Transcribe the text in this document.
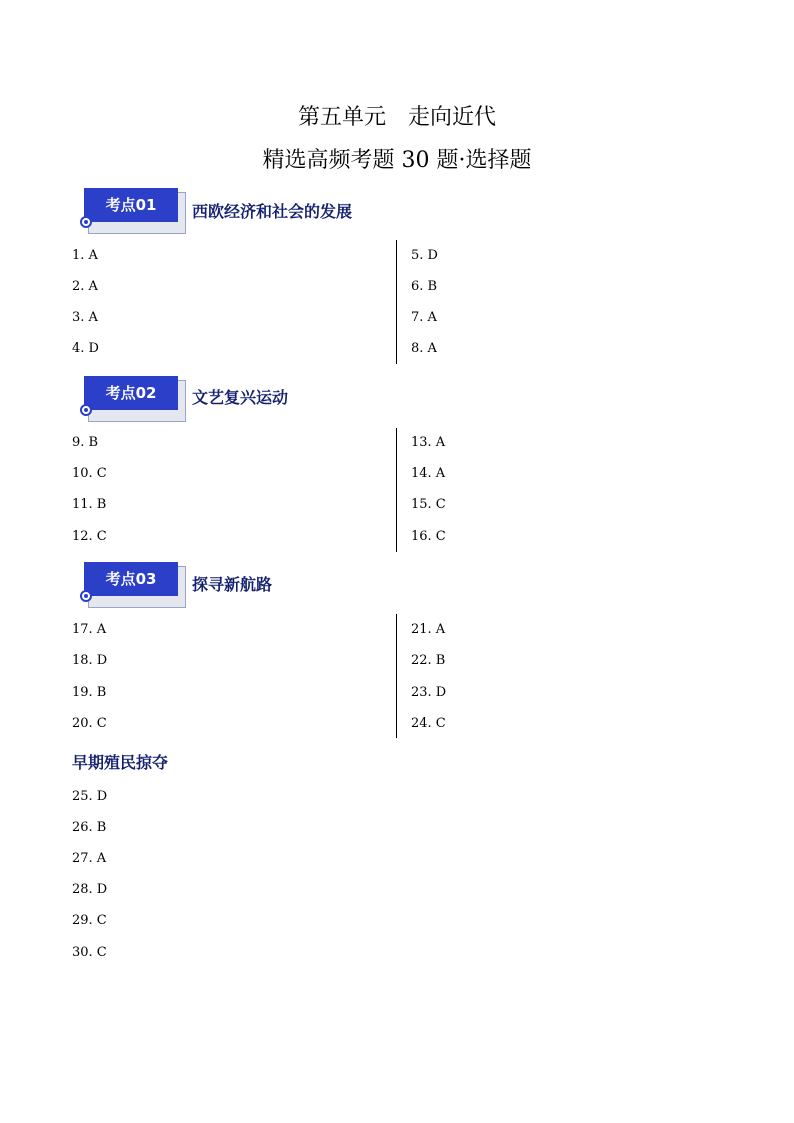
第五单元　走向近代
精选高频考题 30 题·选择题
考点01	西欧经济和社会的发展
1. A
2. A
3. A
4. D
5. D
6. B
7. A
8. A
考点02	文艺复兴运动
9. B
10. C
11. B
12. C
13. A
14. A
15. C
16. C
考点03	探寻新航路
17. A
18. D
19. B
20. C
21. A
22. B
23. D
24. C
早期殖民掠夺
25. D
26. B
27. A
28. D
29. C
30. C
